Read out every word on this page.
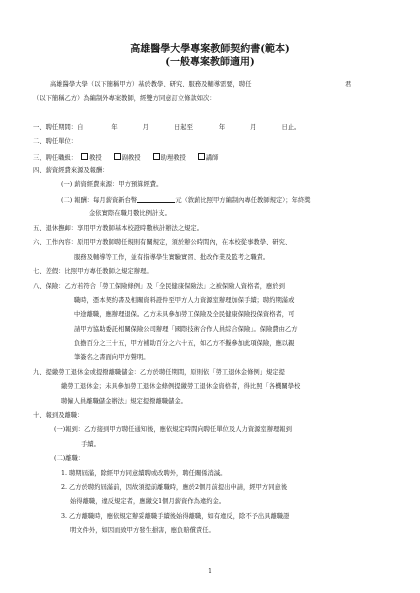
高雄醫學大學專案教師契約書(範本)
(一般專案教師適用)
高雄醫學大學（以下簡稱甲方）基於教學、研究、服務及輔導需要，聘任	君
（以下簡稱乙方）為編制外專案教師，經雙方同意訂立條款如次：
一、聘任期間：自	年	月	日起至	年	月	日止。
二、聘任單位：
三、聘任職級： 教授	副教授	助理教授	講師
四、薪資經費來源及報酬：
(一) 薪資經費來源：甲方預算經費。
(二) 報酬：每月薪資新台幣	元（敘薪比照甲方編制內專任教師規定）；年終獎
金依實際在職月數比例計支。
五、退休撫卹：享用甲方教師基本校證時數核計辦法之規定。
六、工作內容：原用甲方教師聘任規則有關規定，須於辦公時間內，在本校從事教學、研究、
服務及輔導等工作，並有指導學生實驗實習、批改作業及監考之職責。
七、差假：比照甲方專任教師之規定辦理。
八、保險：乙方若符合「勞工保險條例」及「全民健康保險法」之被保險人資格者，應於到
職時，憑本契約書及相關資料證件至甲方人力資源室辦理加保手續；聘約期滿或
中途離職，應辦理退保。乙方未具參加勞工保險及全民健康保險投保資格者，可
請甲方協助委託相關保險公司辦理「國際技術合作人員綜合保險」。保險費由乙方
負擔百分之三十五，甲方補助百分之六十五，如乙方不擬參加此項保險，應以親
筆簽名之書面向甲方聲明。
九、提繳勞工退休金或提撥離職儲金：乙方於聘任期間，原則依「勞工退休金條例」規定提
繳勞工退休金；未具參加勞工退休金條例提繳勞工退休金資格者，得比照「各機關學校
聘僱人員離職儲金辦法」規定提撥離職儲金。
十、報到及離職：
(一)報到：乙方接到甲方聘任通知後，應依規定時間向聘任單位及人力資源室辦理報到
手續。
(二)離職：
1. 聘期屆滿，除經甲方同意續聘或改聘外，聘任關係消滅。
2. 乙方於聘約屆滿前，因故須提前離職時，應於2個月前提出申請，經甲方同意後
始得離職，違反規定者，應繳交1個月薪資作為違約金。
3. 乙方離職時，應依規定辦妥離職手續後始得離職，如有違反，除不予出具離職證
明文件外，如因而致甲方發生損害，應負賠償責任。
1
